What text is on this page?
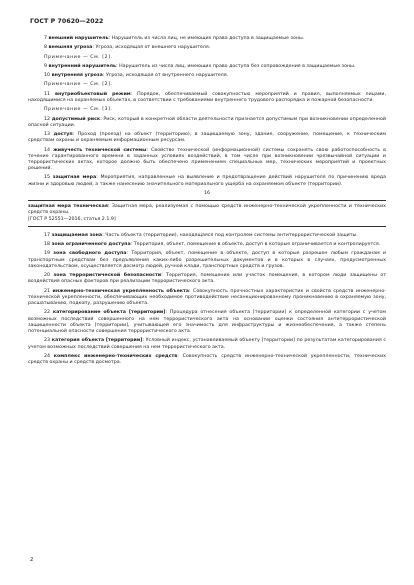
ГОСТ Р 70620—2022

7 внешний нарушитель: Нарушитель из числа лиц, не имеющих права доступа в защищаемые зоны.

8 внешняя угроза: Угроза, исходящая от внешнего нарушителя.

Примечание — См. [2].

9 внутренний нарушитель: Нарушитель из числа лиц, имеющих право доступа без сопровождения в защищаемые зоны.

10 внутренняя угроза: Угроза, исходящая от внутреннего нарушителя.

Примечание — См. [2].

11 внутриобъектовый режим: Порядок, обеспечиваемый совокупностью мероприятий и правил, выполняемых лицами, находящимися на охраняемых объектах, в соответствии с требованиями внутреннего трудового распорядка и пожарной безопасности.

Примечание — См. [3].

12 допустимый риск: Риск, который в конкретной области деятельности признается допустимым при возникновении определенной опасной ситуации.

13 доступ: Проход (проезд) на объект (территорию), в защищаемую зону, здание, сооружение, помещение, к техническим средствам охраны и охраняемым информационным ресурсам.

14 живучесть технической системы: Свойство технической (информационной) системы сохранять свою работоспособность в течение гарантированного времени в заданных условиях воздействий, в том числе при возникновении чрезвычайной ситуации и террористических актах, которое должно быть обеспечено применением специальных мер, технических мероприятий и проектных решений.

15 защитная мера: Мероприятия, направленные на выявление и предотвращение действий нарушителя по причинению вреда жизни и здоровью людей, а также нанесению значительного материального ущерба на охраняемом объекте (территории).

16

защитная мера техническая: Защитная мера, реализуемая с помощью средств инженерно-технической укрепленности и технических средств охраны.

[ГОСТ Р 52551—2016, статья 2.1.9]

17 защищаемая зона: Часть объекта (территории), находящаяся под контролем системы антитеррористической защиты.

18 зона ограниченного доступа: Территория, объект, помещение в объекте, доступ в которые ограничивается и контролируется.

19 зона свободного доступа: Территория, объект, помещение в объекте, доступ в которые разрешен любым гражданам и транспортным средствам без предъявления каких-либо разрешительных документов и в которых в случаях, предусмотренных законодательством, осуществляется досмотр людей, ручной клади, транспортных средств и грузов.

20 зона террористической безопасности: Территория, помещение или участок помещения, в котором люди защищены от воздействия опасных факторов при реализации террористического акта.

21 инженерно-техническая укрепленность объекта: Совокупность прочностных характеристик и свойств средств инженерно-технической укрепленности, обеспечивающих необходимое противодействие несанкционированному проникновению в охраняемую зону, расшатыванию, подкопу, разрушению объекта.

22 категорирование объекта [территории]: Процедура отнесения объекта [территории] к определенной категории с учетом возможных последствий совершенного на нем террористического акта на основании оценки состояния антитеррористической защищенности объекта [территории], учитывающей его значимость для инфраструктуры и жизнеобеспечения, а также степень потенциальной опасности совершения террористического акта.

23 категория объекта [территории]: Условный индекс, устанавливаемый объекту [территории] по результатам категорирования с учетом возможных последствий совершения на нем террористического акта.

24 комплекс инженерно-технических средств: Совокупность средств инженерно-технической укрепленности, технических средств охраны и средств досмотра.

2
